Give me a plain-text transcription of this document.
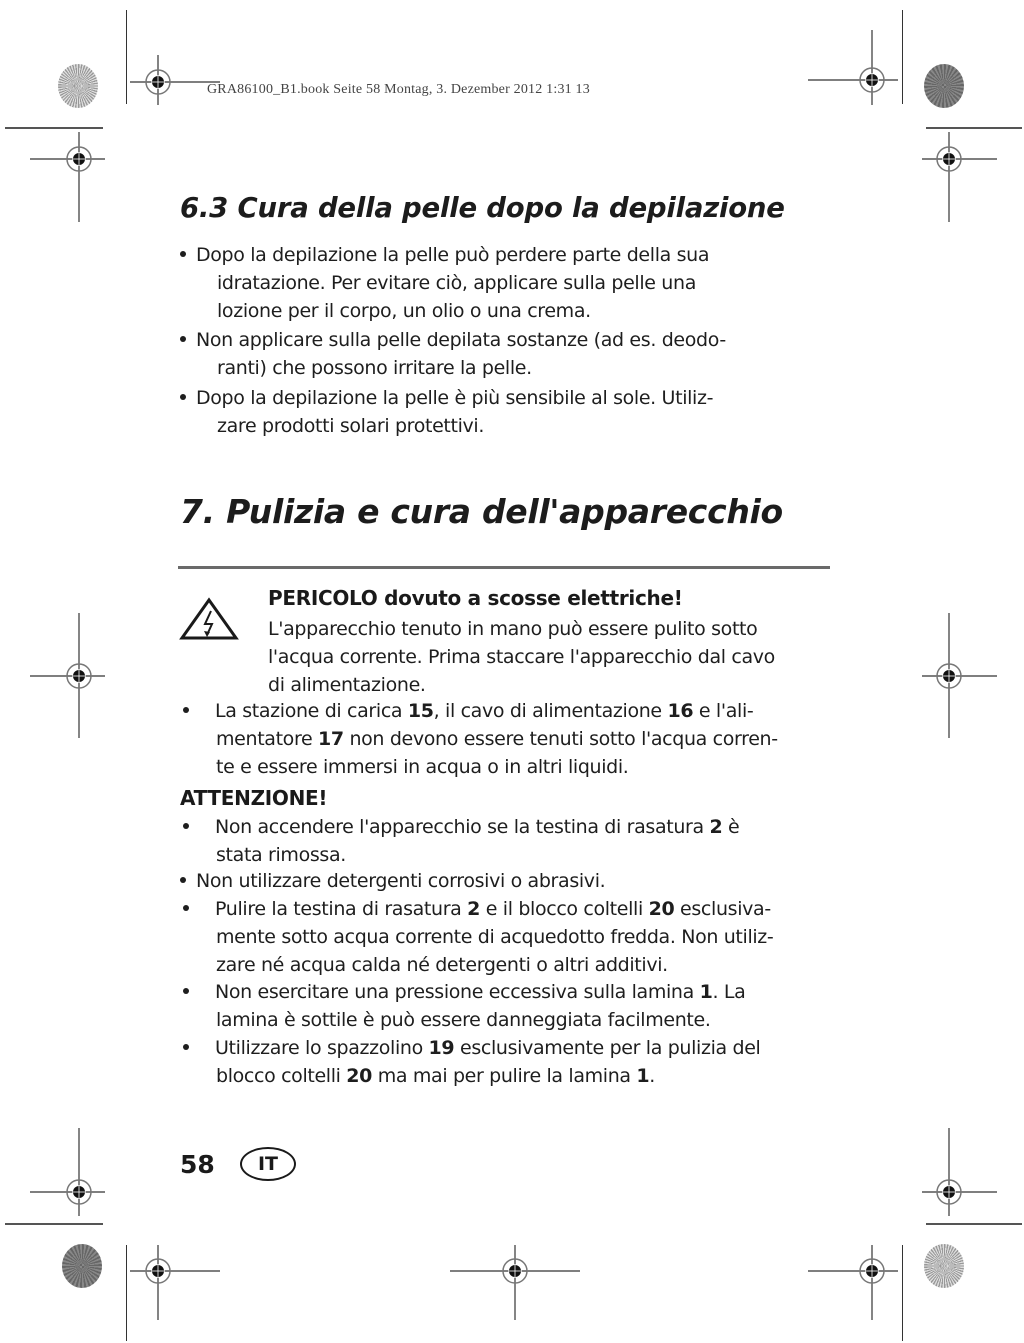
GRA86100_B1.book Seite 58 Montag, 3. Dezember 2012 1:31 13
6.3 Cura della pelle dopo la depilazione
Dopo la depilazione la pelle può perdere parte della sua
idratazione. Per evitare ciò, applicare sulla pelle una
lozione per il corpo, un olio o una crema.
Non applicare sulla pelle depilata sostanze (ad es. deodo-
ranti) che possono irritare la pelle.
Dopo la depilazione la pelle è più sensibile al sole. Utiliz-
zare prodotti solari protettivi.
7. Pulizia e cura dell'apparecchio
PERICOLO dovuto a scosse elettriche!
L'apparecchio tenuto in mano può essere pulito sotto
l'acqua corrente. Prima staccare l'apparecchio dal cavo
di alimentazione.
La stazione di carica 15, il cavo di alimentazione 16 e l'ali-
mentatore 17 non devono essere tenuti sotto l'acqua corren-
te e essere immersi in acqua o in altri liquidi.
ATTENZIONE!
Non accendere l'apparecchio se la testina di rasatura 2 è
stata rimossa.
Non utilizzare detergenti corrosivi o abrasivi.
Pulire la testina di rasatura 2 e il blocco coltelli 20 esclusiva-
mente sotto acqua corrente di acquedotto fredda. Non utiliz-
zare né acqua calda né detergenti o altri additivi.
Non esercitare una pressione eccessiva sulla lamina 1. La
lamina è sottile è può essere danneggiata facilmente.
Utilizzare lo spazzolino 19 esclusivamente per la pulizia del
blocco coltelli 20 ma mai per pulire la lamina 1.
58 IT
